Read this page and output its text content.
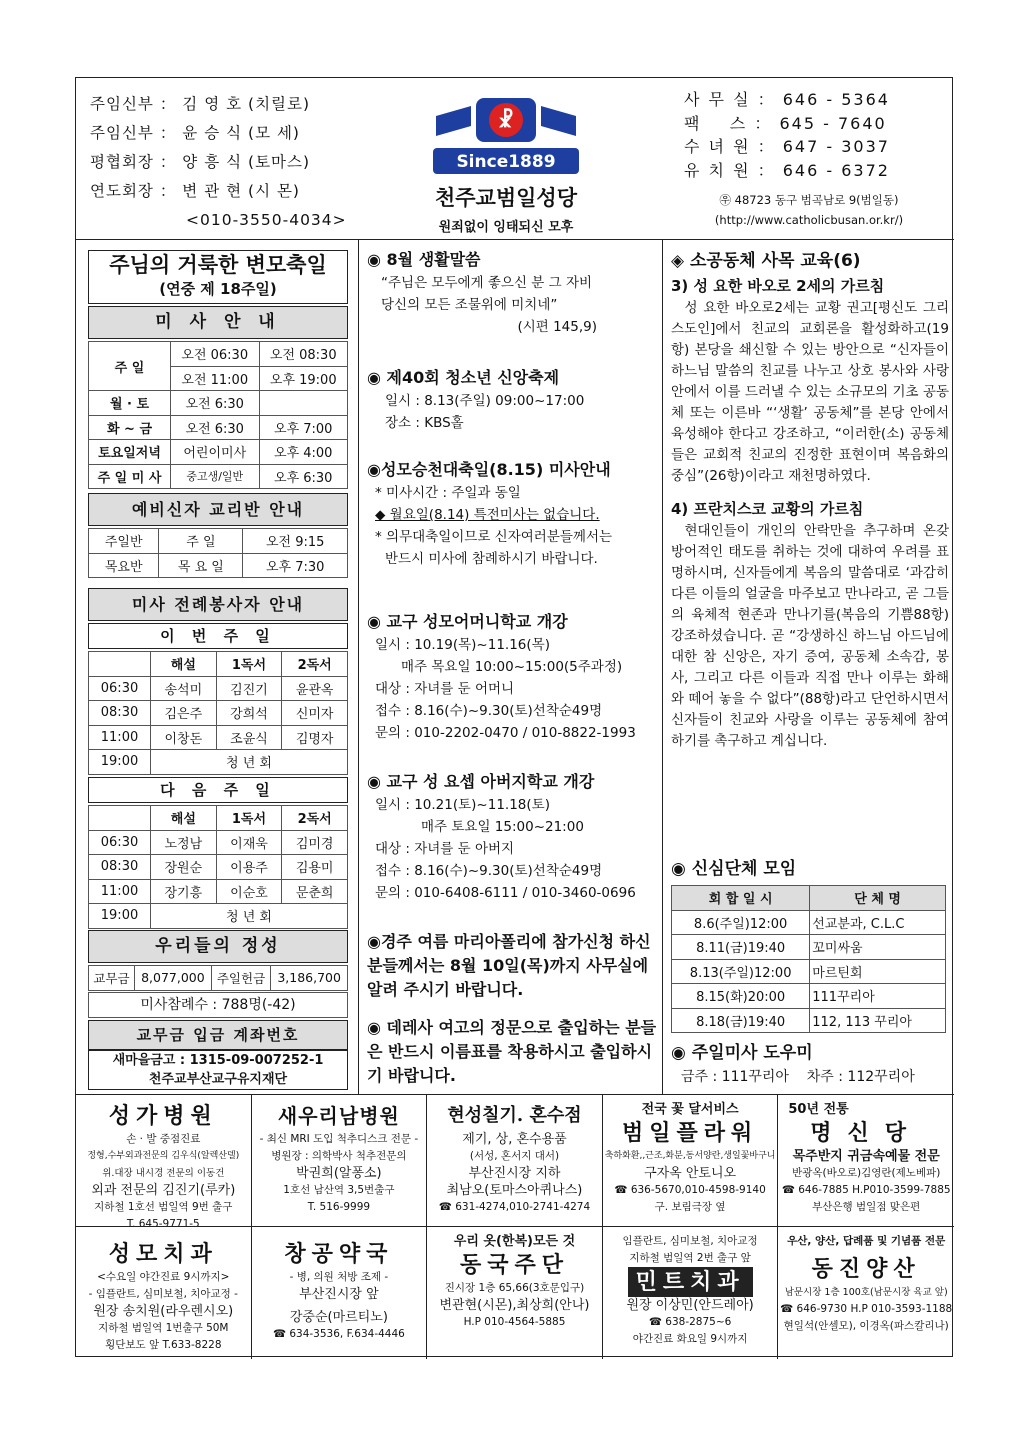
주임신부 ： 김 영 호 (치릴로)
주임신부 ： 윤 승 식 (모 세)
평협회장 ： 양 흥 식 (토마스)
연도회장 ： 변 관 현 (시 몬)
<010-3550-4034>
☧
Since1889
천주교범일성당
원죄없이 잉태되신 모후
사 무 실 ： 646 - 5364
팩    스 ： 645 - 7640
수 녀 원 ： 647 - 3037
유 치 원 ： 646 - 6372
㉾ 48723 동구 범곡남로 9(범일동)
(http://www.catholicbusan.or.kr/)
주님의 거룩한 변모축일
(연중 제 18주일)
미 사 안 내
주 일	오전 06:30	오전 08:30
	오전 11:00	오후 19:00
월 · 토	오전 6:30	
화 ~ 금	오전 6:30	오후 7:00
토요일저녁	어린이미사	오후 4:00
주 일 미 사	중고생/일반	오후 6:30
예비신자 교리반 안내
주일반	주 일	오전 9:15
목요반	목 요 일	오후 7:30
미사 전례봉사자 안내
이 번 주 일
	해설	1독서	2독서
06:30	송석미	김진기	윤관옥
08:30	김은주	강희석	신미자
11:00	이창돈	조윤식	김명자
19:00	청 년 회		
다 음 주 일
	해설	1독서	2독서
06:30	노정남	이재욱	김미경
08:30	장원순	이용주	김용미
11:00	장기흥	이순호	문춘희
19:00	청 년 회		
우리들의 정성
교무금	8,077,000	주일헌금	3,186,700
미사참례수 : 788명(-42)
교무금 입금 계좌번호
새마을금고 : 1315-09-007252-1
천주교부산교구유지재단
◉ 8월 생활말씀

“주님은 모두에게 좋으신 분 그 자비

당신의 모든 조물위에 미치네”

(시편 145,9)

◉ 제40회 청소년 신앙축제

일시 : 8.13(주일) 09:00~17:00

장소 : KBS홀

◉성모승천대축일(8.15) 미사안내

* 미사시간 : 주일과 동일

◆ 월요일(8.14) 특전미사는 없습니다.

* 의무대축일이므로 신자여러분들께서는

반드시 미사에 참례하시기 바랍니다.

◉ 교구 성모어머니학교 개강

일시 : 10.19(목)~11.16(목)

매주 목요일 10:00~15:00(5주과정)

대상 : 자녀를 둔 어머니

접수 : 8.16(수)~9.30(토)선착순49명

문의 : 010-2202-0470 / 010-8822-1993

◉ 교구 성 요셉 아버지학교 개강

일시 : 10.21(토)~11.18(토)

매주 토요일 15:00~21:00

대상 : 자녀를 둔 아버지

접수 : 8.16(수)~9.30(토)선착순49명

문의 : 010-6408-6111 / 010-3460-0696

◉경주 여름 마리아폴리에 참가신청 하신 분들께서는 8월 10일(목)까지 사무실에 알려 주시기 바랍니다.
◉ 데레사 여고의 정문으로 출입하는 분들은 반드시 이름표를 착용하시고 출입하시기 바랍니다.
◈ 소공동체 사목 교육(6)
3) 성 요한 바오로 2세의 가르침

성 요한 바오로2세는 교황 권고[평신도 그리스도인]에서 친교의 교회론을 활성화하고(19항) 본당을 쇄신할 수 있는 방안으로 “신자들이 하느님 말씀의 친교를 나누고 상호 봉사와 사랑 안에서 이를 드러낼 수 있는 소규모의 기초 공동체 또는 이른바 “‘생활’ 공동체”를 본당 안에서 육성해야 한다고 강조하고, “이러한(소) 공동체들은 교회적 친교의 진정한 표현이며 복음화의 중심”(26항)이라고 재천명하였다.

4) 프란치스코 교황의 가르침

현대인들이 개인의 안락만을 추구하며 온갖 방어적인 태도를 취하는 것에 대하여 우려를 표명하시며, 신자들에게 복음의 말씀대로 ‘과감히 다른 이들의 얼굴을 마주보고 만나라고, 곧 그들의 육체적 현존과 만나기를(복음의 기쁨88항) 강조하셨습니다. 곧 “강생하신 하느님 아드님에 대한 참 신앙은, 자기 증여, 공동체 소속감, 봉사, 그리고 다른 이들과 직접 만나 이루는 화해와 떼어 놓을 수 없다”(88항)라고 단언하시면서 신자들이 친교와 사랑을 이루는 공동체에 참여하기를 촉구하고 계십니다.

◉ 신심단체 모임
회 합 일 시	단 체 명
8.6(주일)12:00	선교분과, C.L.C
8.11(금)19:40	꼬미싸움
8.13(주일)12:00	마르틴회
8.15(화)20:00	111꾸리아
8.18(금)19:40	112, 113 꾸리아
◉ 주일미사 도우미

금주 : 111꾸리아    차주 : 112꾸리아

성가병원
손 · 발 중점진료
정형,수부외과전문의 김우식(알렉산델)
위.대장 내시경 전문의 이동건
외과 전문의 김진기(루카)
지하철 1호선 범일역 9번 출구
T. 645-9771-5
새우리남병원
- 최신 MRI 도입 척추디스크 전문 -
병원장 : 의학박사 척추전문의
박권희(알퐁소)
1호선 남산역 3,5번출구
T. 516-9999
현성칠기. 혼수점
제기, 상, 혼수용품
(서성, 혼서지 대서)
부산진시장 지하
최남오(토마스아퀴나스)
☎ 631-4274,010-2741-4274
전국 꽃 달서비스
범일플라워
축하화환,,근조,화분,동서양란,생일꽃바구니
구자옥 안토니오
☎ 636-5670,010-4598-9140
구. 보림극장 옆
50년 전통
명신당
목주반지 귀금속예물 전문
반광옥(바오로)김영란(제노베파)
☎ 646-7885 H.P010-3599-7885
부산은행 범일점 맞은편
성모치과
<수요일 야간진료 9시까지>
- 임플란트, 심미보철, 치아교정 -
원장 송치원(라우렌시오)
지하철 범일역 1번출구 50M
횡단보도 앞 T.633-8228
창공약국
- 병, 의원 처방 조제 -
부산진시장 앞
강중순(마르티노)
☎ 634-3536, F.634-4446
우리 옷(한복)모든 것
동국주단
진시장 1층 65,66(3호문입구)
변관현(시몬),최상희(안나)
H.P 010-4564-5885
임플란트, 심미보철, 치아교정
지하철 범일역 2번 출구 앞
민트치과
원장 이상민(안드레아)
☎ 638-2875~6
야간진료 화요일 9시까지
우산, 양산, 답례품 및 기념품 전문
동진양산
남문시장 1층 100호(남문시장 육교 앞)
☎ 646-9730 H.P 010-3593-1188
현일석(안셀모), 이경옥(파스칼리나)
